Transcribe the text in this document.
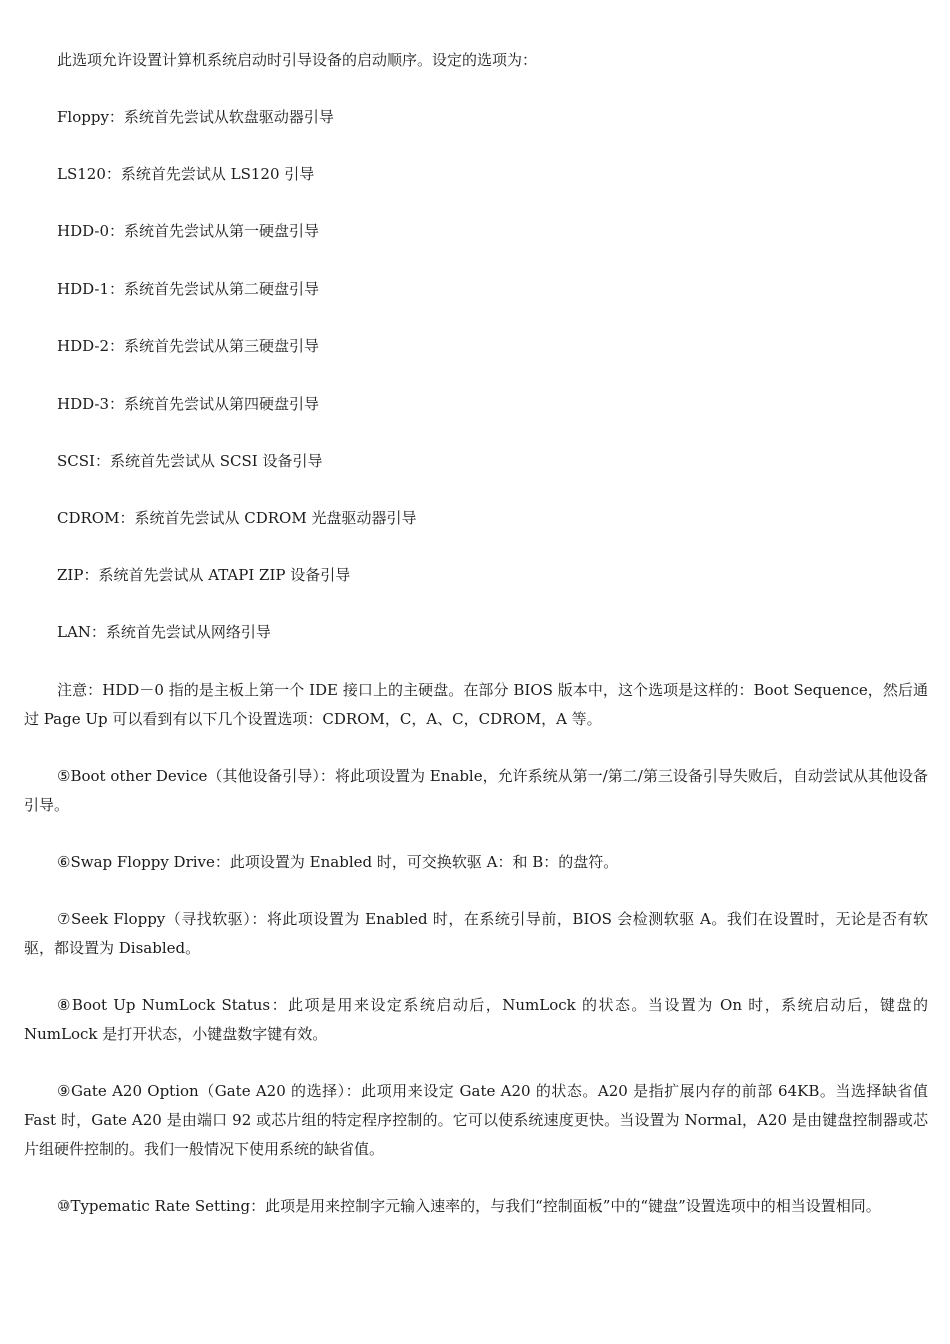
此选项允许设置计算机系统启动时引导设备的启动顺序。设定的选项为：
Floppy：系统首先尝试从软盘驱动器引导
LS120：系统首先尝试从 LS120 引导
HDD-0：系统首先尝试从第一硬盘引导
HDD-1：系统首先尝试从第二硬盘引导
HDD-2：系统首先尝试从第三硬盘引导
HDD-3：系统首先尝试从第四硬盘引导
SCSI：系统首先尝试从 SCSI 设备引导
CDROM：系统首先尝试从 CDROM 光盘驱动器引导
ZIP：系统首先尝试从 ATAPI ZIP 设备引导
LAN：系统首先尝试从网络引导
注意：HDD－0 指的是主板上第一个 IDE 接口上的主硬盘。在部分 BIOS 版本中，这个选项是这样的：Boot Sequence，然后通过 Page Up 可以看到有以下几个设置选项：CDROM，C，A、C，CDROM，A 等。
⑤Boot other Device（其他设备引导）：将此项设置为 Enable，允许系统从第一/第二/第三设备引导失败后，自动尝试从其他设备引导。
⑥Swap Floppy Drive：此项设置为 Enabled 时，可交换软驱 A：和 B：的盘符。
⑦Seek Floppy（寻找软驱）：将此项设置为 Enabled 时，在系统引导前，BIOS 会检测软驱 A。我们在设置时，无论是否有软驱，都设置为 Disabled。
⑧Boot Up NumLock Status：此项是用来设定系统启动后，NumLock 的状态。当设置为 On 时，系统启动后，键盘的 NumLock 是打开状态，小键盘数字键有效。
⑨Gate A20 Option（Gate A20 的选择）：此项用来设定 Gate A20 的状态。A20 是指扩展内存的前部 64KB。当选择缺省值 Fast 时，Gate A20 是由端口 92 或芯片组的特定程序控制的。它可以使系统速度更快。当设置为 Normal，A20 是由键盘控制器或芯片组硬件控制的。我们一般情况下使用系统的缺省值。
⑩Typematic Rate Setting：此项是用来控制字元输入速率的，与我们“控制面板”中的“键盘”设置选项中的相当设置相同。
